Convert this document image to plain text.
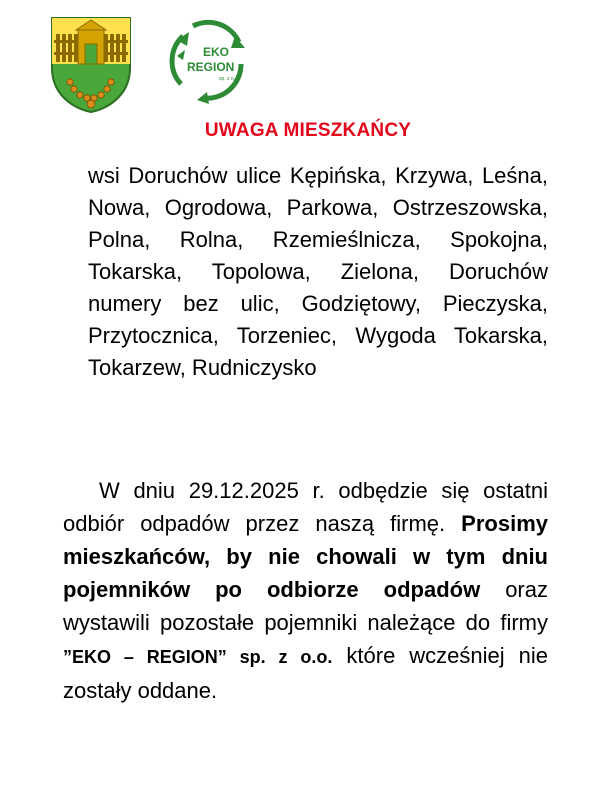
EKO
REGION
sp. z o.o.
UWAGA MIESZKAŃCY
wsi Doruchów ulice Kępińska, Krzywa, Leśna, Nowa, Ogrodowa, Parkowa, Ostrzeszowska, Polna, Rolna, Rzemieślnicza, Spokojna, Tokarska, Topolowa, Zielona, Doruchów numery bez ulic, Godziętowy, Pieczyska, Przytocznica, Torzeniec, Wygoda Tokarska, Tokarzew, Rudniczysko
W dniu 29.12.2025 r. odbędzie się ostatni odbiór odpadów przez naszą firmę. Prosimy mieszkańców, by nie chowali w tym dniu pojemników po odbiorze odpadów oraz wystawili pozostałe pojemniki należące do firmy ”EKO – REGION” sp. z o.o. które wcześniej nie zostały oddane.
